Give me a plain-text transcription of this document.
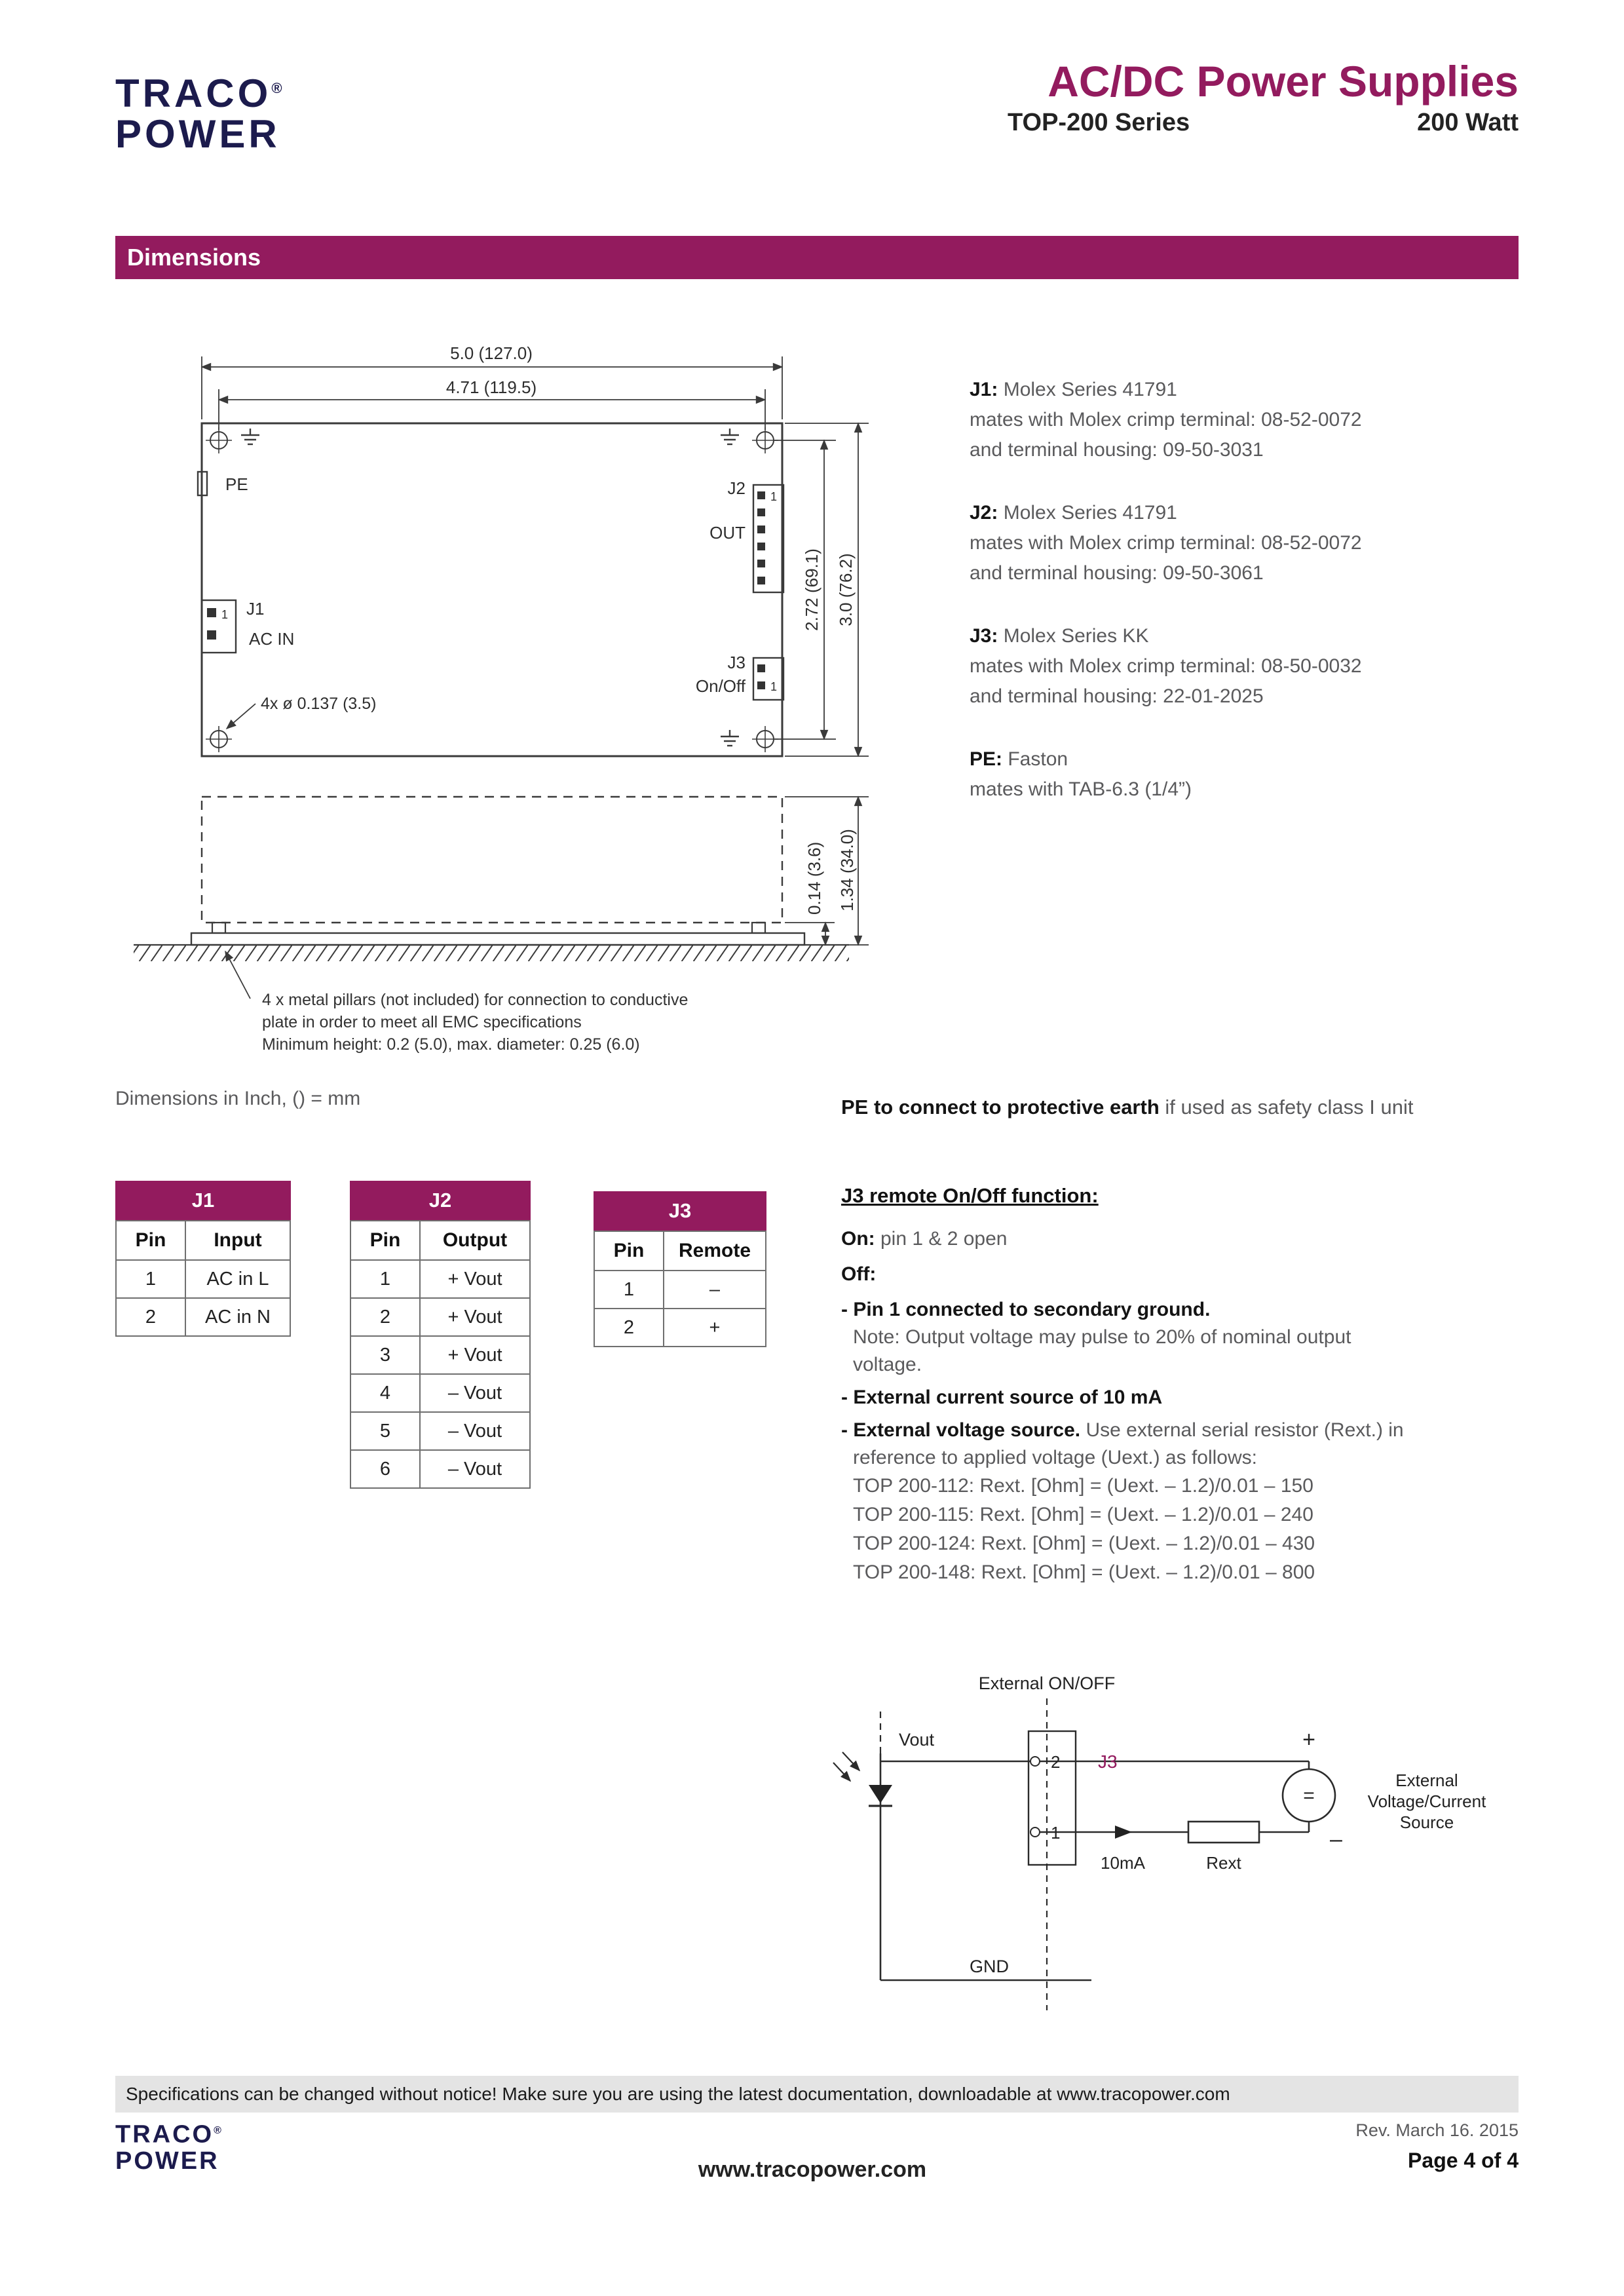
TRACO®
POWER
AC/DC Power Supplies
TOP-200 Series	200 Watt
Dimensions
PE
1 J1
AC IN
1
J2
OUT
1
J3
On/Off
4x ø 0.137 (3.5)
5.0 (127.0)
4.71 (119.5)
2.72 (69.1) 3.0 (76.2)
0.14 (3.6) 1.34 (34.0)
4 x metal pillars (not included) for connection to conductive
plate in order to meet all EMC specifications
Minimum height: 0.2 (5.0), max. diameter: 0.25 (6.0)
J1: Molex Series 41791
mates with Molex crimp terminal: 08-52-0072
and terminal housing: 09-50-3031
J2: Molex Series 41791
mates with Molex crimp terminal: 08-52-0072
and terminal housing: 09-50-3061
J3: Molex Series KK
mates with Molex crimp terminal: 08-50-0032
and terminal housing: 22-01-2025
PE: Faston
mates with TAB-6.3 (1/4”)
Dimensions in Inch, () = mm	PE to connect to protective earth if used as safety class I unit
J1
Pin	Input
1	AC in L
2	AC in N
J2
Pin	Output
1	+ Vout
2	+ Vout
3	+ Vout
4	– Vout
5	– Vout
6	– Vout
J3
Pin	Remote
1	–
2	+
J3 remote On/Off function:
On: pin 1 & 2 open
Off:
- Pin 1 connected to secondary ground.
Note: Output voltage may pulse to 20% of nominal output
voltage.
- External current source of 10 mA
- External voltage source. Use external serial resistor (Rext.) in
reference to applied voltage (Uext.) as follows:
TOP 200-112: Rext. [Ohm] = (Uext. – 1.2)/0.01 – 150
TOP 200-115: Rext. [Ohm] = (Uext. – 1.2)/0.01 – 240
TOP 200-124: Rext. [Ohm] = (Uext. – 1.2)/0.01 – 430
TOP 200-148: Rext. [Ohm] = (Uext. – 1.2)/0.01 – 800
External ON/OFF
Vout
2
1
J3
10mA	Rext
=
+
–
External
Voltage/Current
Source
GND
Specifications can be changed without notice! Make sure you are using the latest documentation, downloadable at www.tracopower.com
TRACO®
POWER	www.tracopower.com
Rev. March 16. 2015
Page 4 of 4
